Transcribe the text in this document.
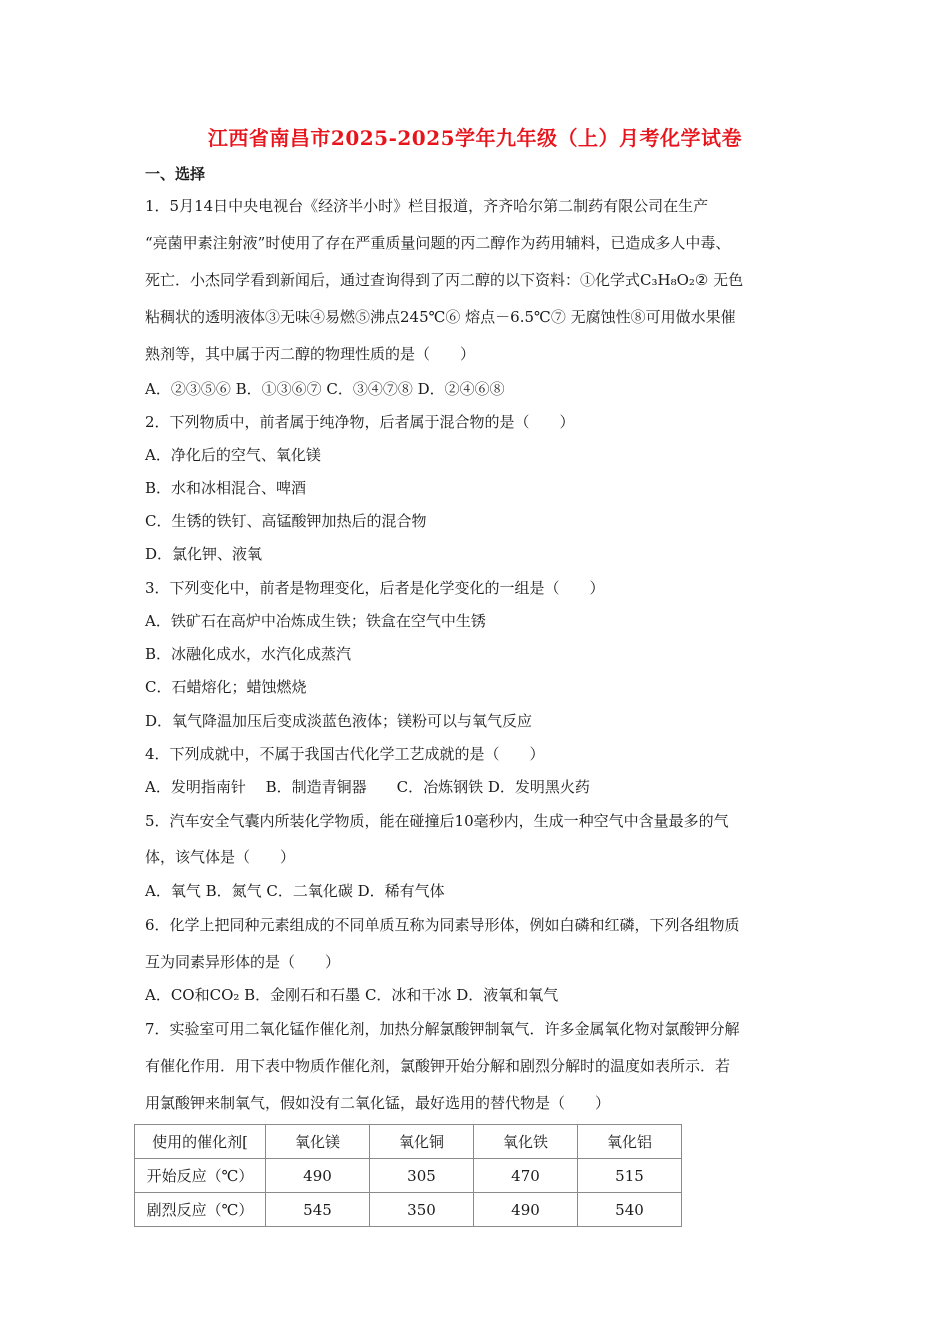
江西省南昌市2025-2025学年九年级（上）月考化学试卷
一、选择
1．5月14日中央电视台《经济半小时》栏目报道，齐齐哈尔第二制药有限公司在生产
“亮菌甲素注射液”时使用了存在严重质量问题的丙二醇作为药用辅料，已造成多人中毒、
死亡．小杰同学看到新闻后，通过查询得到了丙二醇的以下资料：①化学式C₃H₈O₂② 无色
粘稠状的透明液体③无味④易燃⑤沸点245℃⑥ 熔点－6.5℃⑦ 无腐蚀性⑧可用做水果催
熟剂等，其中属于丙二醇的物理性质的是（　　）
A．②③⑤⑥ B．①③⑥⑦ C．③④⑦⑧ D．②④⑥⑧
2．下列物质中，前者属于纯净物，后者属于混合物的是（　　）
A．净化后的空气、氧化镁
B．水和冰相混合、啤酒
C．生锈的铁钉、高锰酸钾加热后的混合物
D．氯化钾、液氧
3．下列变化中，前者是物理变化，后者是化学变化的一组是（　　）
A．铁矿石在高炉中冶炼成生铁；铁盒在空气中生锈
B．冰融化成水，水汽化成蒸汽
C．石蜡熔化；蜡蚀燃烧
D．氧气降温加压后变成淡蓝色液体；镁粉可以与氧气反应
4．下列成就中，不属于我国古代化学工艺成就的是（　　）
A．发明指南针　 B．制造青铜器　　C．冶炼钢铁 D．发明黑火药
5．汽车安全气囊内所装化学物质，能在碰撞后10毫秒内，生成一种空气中含量最多的气
体，该气体是（　　）
A．氧气 B．氮气 C．二氧化碳 D．稀有气体
6．化学上把同种元素组成的不同单质互称为同素导形体，例如白磷和红磷，下列各组物质
互为同素异形体的是（　　）
A．CO和CO₂ B．金刚石和石墨 C．冰和干冰 D．液氧和氧气
7．实验室可用二氧化锰作催化剂，加热分解氯酸钾制氧气．许多金属氧化物对氯酸钾分解
有催化作用．用下表中物质作催化剂，氯酸钾开始分解和剧烈分解时的温度如表所示．若
用氯酸钾来制氧气，假如没有二氧化锰，最好选用的替代物是（　　）
使用的催化剂[	氧化镁	氧化铜	氧化铁	氧化铝
开始反应（℃）	490	305	470	515
剧烈反应（℃）	545	350	490	540
